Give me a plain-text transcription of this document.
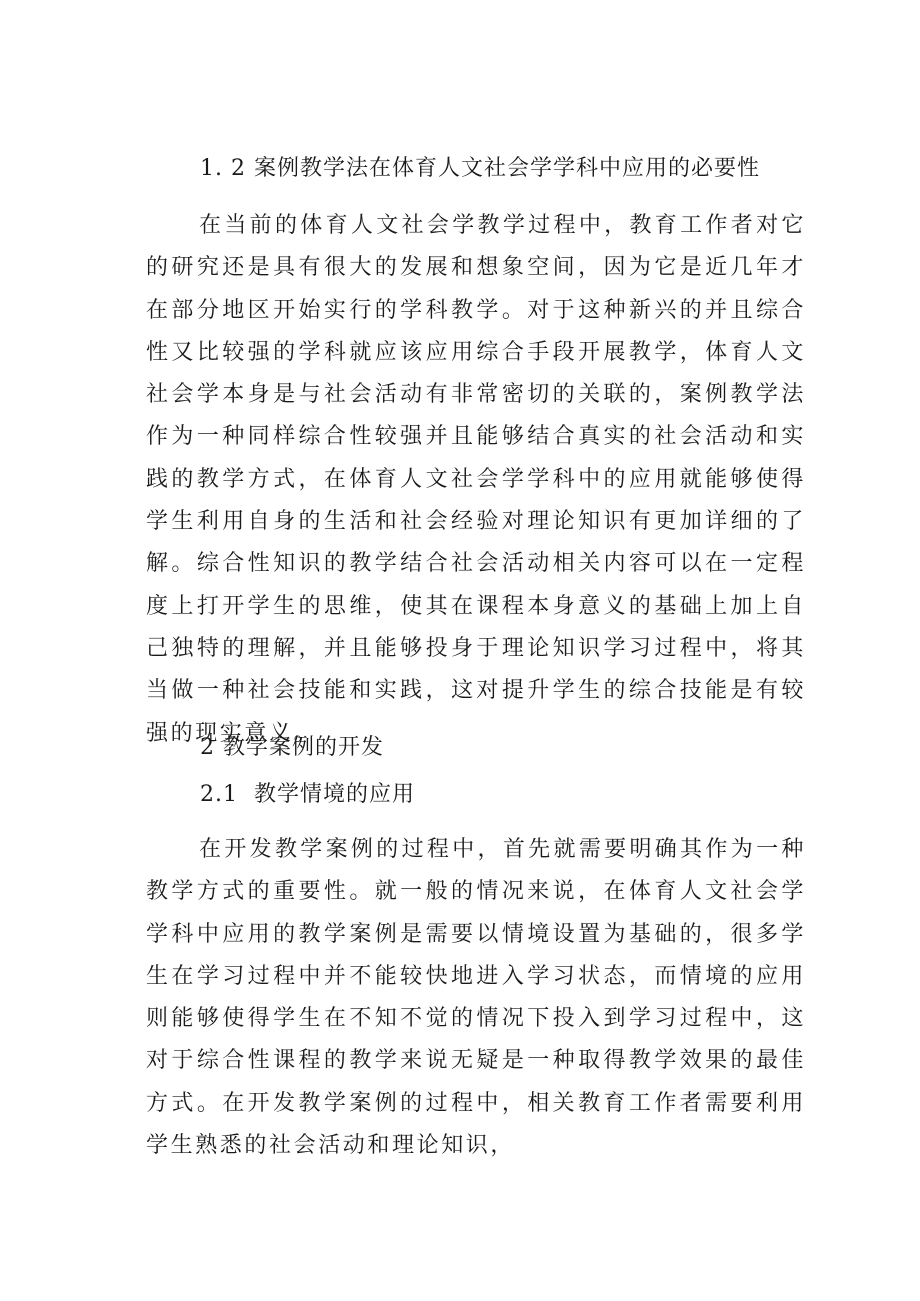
1. 2 案例教学法在体育人文社会学学科中应用的必要性

在当前的体育人文社会学教学过程中，教育工作者对它的研究还是具有很大的发展和想象空间，因为它是近几年才在部分地区开始实行的学科教学。对于这种新兴的并且综合性又比较强的学科就应该应用综合手段开展教学，体育人文社会学本身是与社会活动有非常密切的关联的，案例教学法作为一种同样综合性较强并且能够结合真实的社会活动和实践的教学方式，在体育人文社会学学科中的应用就能够使得学生利用自身的生活和社会经验对理论知识有更加详细的了解。综合性知识的教学结合社会活动相关内容可以在一定程度上打开学生的思维，使其在课程本身意义的基础上加上自己独特的理解，并且能够投身于理论知识学习过程中，将其当做一种社会技能和实践，这对提升学生的综合技能是有较强的现实意义。

2 教学案例的开发
2.1  教学情境的应用

在开发教学案例的过程中，首先就需要明确其作为一种教学方式的重要性。就一般的情况来说，在体育人文社会学学科中应用的教学案例是需要以情境设置为基础的，很多学生在学习过程中并不能较快地进入学习状态，而情境的应用则能够使得学生在不知不觉的情况下投入到学习过程中，这对于综合性课程的教学来说无疑是一种取得教学效果的最佳方式。在开发教学案例的过程中，相关教育工作者需要利用学生熟悉的社会活动和理论知识，
